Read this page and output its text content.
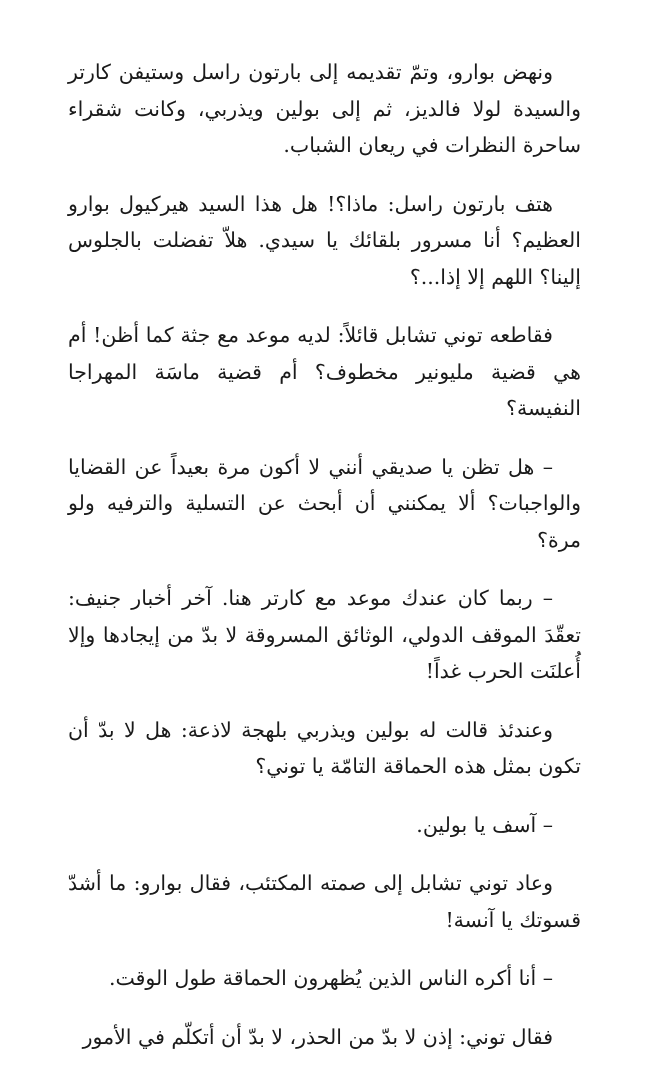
ونهض بوارو، وتمّ تقديمه إلى بارتون راسل وستيفن كارتر والسيدة لولا فالديز، ثم إلى بولين ويذربي، وكانت شقراء ساحرة النظرات في ريعان الشباب.

هتف بارتون راسل: ماذا؟! هل هذا السيد هيركيول بوارو العظيم؟ أنا مسرور بلقائك يا سيدي. هلاّ تفضلت بالجلوس إلينا؟ اللهم إلا إذا...؟

فقاطعه توني تشابل قائلاً: لديه موعد مع جثة كما أظن! أم هي قضية مليونير مخطوف؟ أم قضية ماسَة المهراجا النفيسة؟

– هل تظن يا صديقي أنني لا أكون مرة بعيداً عن القضايا والواجبات؟ ألا يمكنني أن أبحث عن التسلية والترفيه ولو مرة؟

– ربما كان عندك موعد مع كارتر هنا. آخر أخبار جنيف: تعقّدَ الموقف الدولي، الوثائق المسروقة لا بدّ من إيجادها وإلا أُعلنَت الحرب غداً!

وعندئذ قالت له بولين ويذربي بلهجة لاذعة: هل لا بدّ أن تكون بمثل هذه الحماقة التامّة يا توني؟

– آسف يا بولين.

وعاد توني تشابل إلى صمته المكتئب، فقال بوارو: ما أشدّ قسوتك يا آنسة!

– أنا أكره الناس الذين يُظهرون الحماقة طول الوقت.

فقال توني: إذن لا بدّ من الحذر، لا بدّ أن أتكلّم في الأمور
